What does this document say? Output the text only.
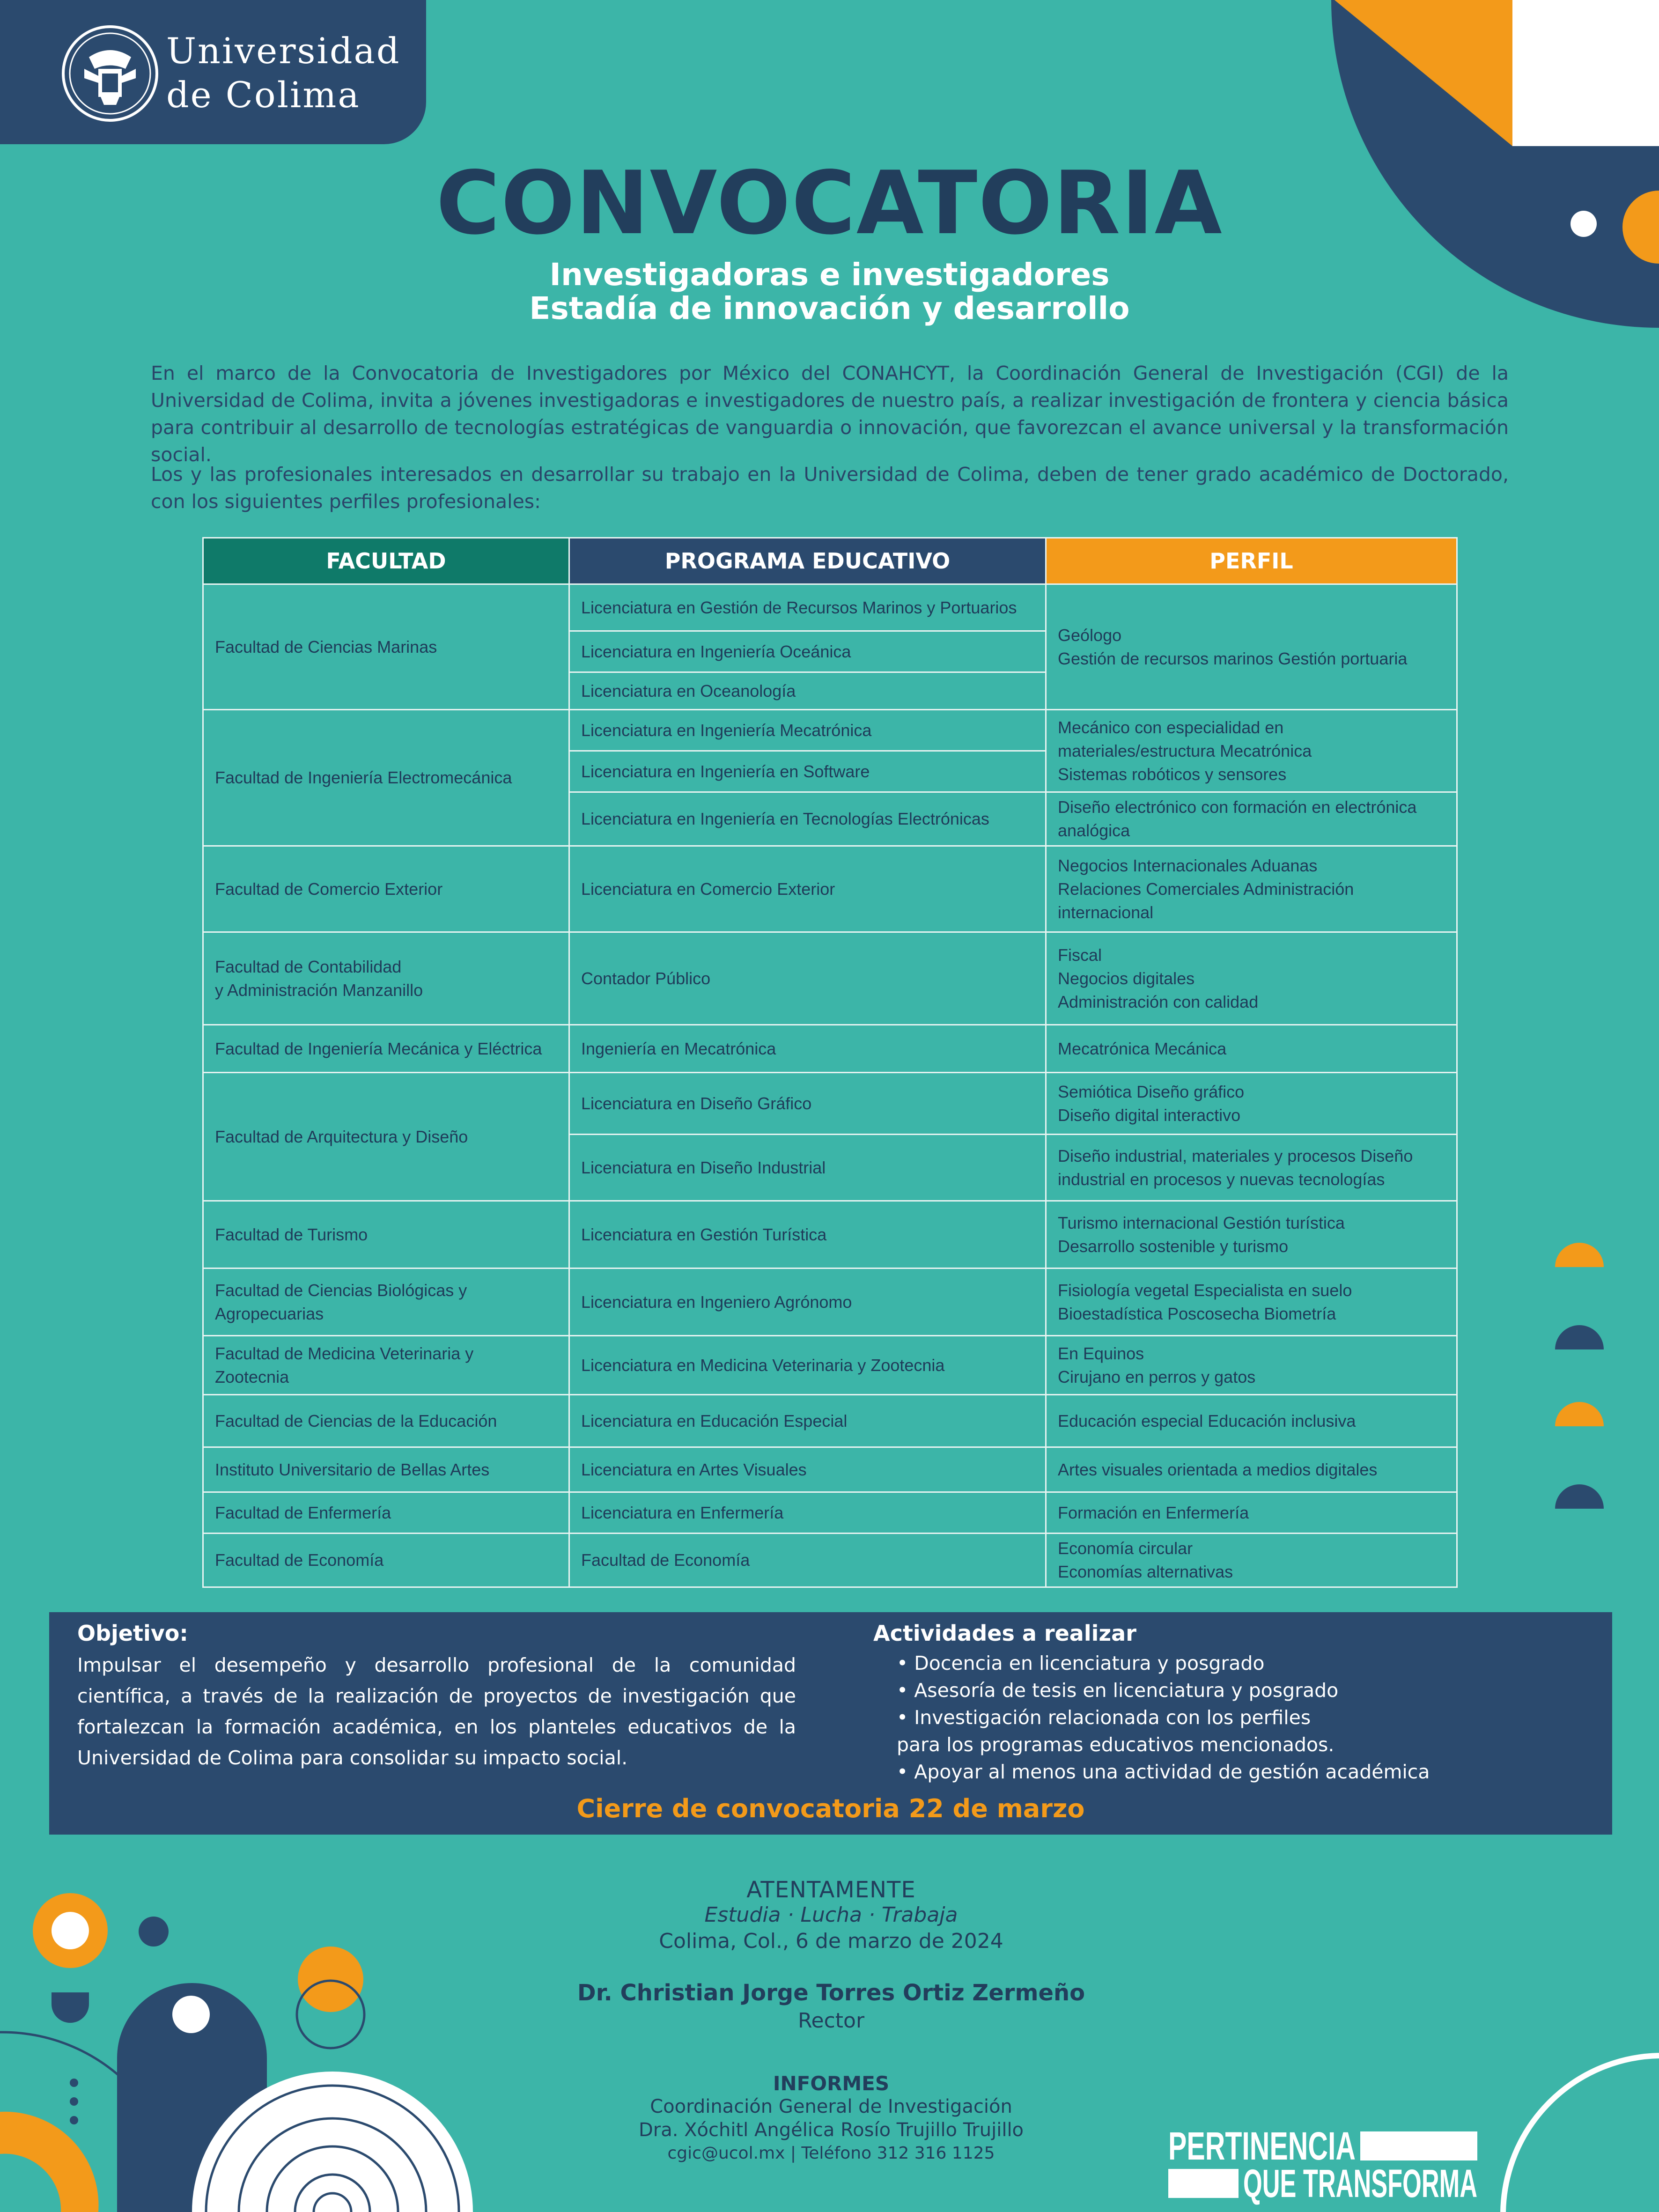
Universidad
de Colima
CONVOCATORIA
Investigadoras e investigadores
Estadía de innovación y desarrollo
En el marco de la Convocatoria de Investigadores por México del CONAHCYT, la Coordinación General de Investigación (CGI) de la Universidad de Colima, invita a jóvenes investigadoras e investigadores de nuestro país, a realizar investigación de frontera y ciencia básica para contribuir al desarrollo de tecnologías estratégicas de vanguardia o innovación, que favorezcan el avance universal y la transformación social.
Los y las profesionales interesados en desarrollar su trabajo en la Universidad de Colima, deben de tener grado académico de Doctorado, con los siguientes perfiles profesionales:
FACULTAD	PROGRAMA EDUCATIVO	PERFIL
Facultad de Ciencias Marinas	Licenciatura en Gestión de Recursos Marinos y Portuarios	Geólogo
Gestión de recursos marinos Gestión portuaria
	Licenciatura en Ingeniería Oceánica	
	Licenciatura en Oceanología	
Facultad de Ingeniería Electromecánica	Licenciatura en Ingeniería Mecatrónica	Mecánico con especialidad en
materiales/estructura Mecatrónica
Sistemas robóticos y sensores
	Licenciatura en Ingeniería en Software	
	Licenciatura en Ingeniería en Tecnologías Electrónicas	Diseño electrónico con formación en electrónica
analógica
Facultad de Comercio Exterior	Licenciatura en Comercio Exterior	Negocios Internacionales Aduanas
Relaciones Comerciales Administración
internacional
Facultad de Contabilidad
y Administración Manzanillo	Contador Público	Fiscal
Negocios digitales
Administración con calidad
Facultad de Ingeniería Mecánica y Eléctrica	Ingeniería en Mecatrónica	Mecatrónica Mecánica
Facultad de Arquitectura y Diseño	Licenciatura en Diseño Gráfico	Semiótica Diseño gráfico
Diseño digital interactivo
	Licenciatura en Diseño Industrial	Diseño industrial, materiales y procesos Diseño
industrial en procesos y nuevas tecnologías
Facultad de Turismo	Licenciatura en Gestión Turística	Turismo internacional Gestión turística
Desarrollo sostenible y turismo
Facultad de Ciencias Biológicas y
Agropecuarias	Licenciatura en Ingeniero Agrónomo	Fisiología vegetal Especialista en suelo
Bioestadística Poscosecha Biometría
Facultad de Medicina Veterinaria y
Zootecnia	Licenciatura en Medicina Veterinaria y Zootecnia	En Equinos
Cirujano en perros y gatos
Facultad de Ciencias de la Educación	Licenciatura en Educación Especial	Educación especial Educación inclusiva
Instituto Universitario de Bellas Artes	Licenciatura en Artes Visuales	Artes visuales orientada a medios digitales
Facultad de Enfermería	Licenciatura en Enfermería	Formación en Enfermería
Facultad de Economía	Facultad de Economía	Economía circular
Economías alternativas
Objetivo:
Impulsar el desempeño y desarrollo profesional de la comunidad científica, a través de la realización de proyectos de investigación que fortalezcan la formación académica, en los planteles educativos de la Universidad de Colima para consolidar su impacto social.
Actividades a realizar
• Docencia en licenciatura y posgrado
• Asesoría de tesis en licenciatura y posgrado
• Investigación relacionada con los perfiles
para los programas educativos mencionados.
• Apoyar al menos una actividad de gestión académica
Cierre de convocatoria 22 de marzo
ATENTAMENTE
Estudia · Lucha · Trabaja
Colima, Col., 6 de marzo de 2024
Dr. Christian Jorge Torres Ortiz Zermeño
Rector
INFORMES
Coordinación General de Investigación
Dra. Xóchitl Angélica Rosío Trujillo Trujillo
cgic@ucol.mx | Teléfono 312 316 1125	PERTINENCIA
QUE TRANSFORMA
